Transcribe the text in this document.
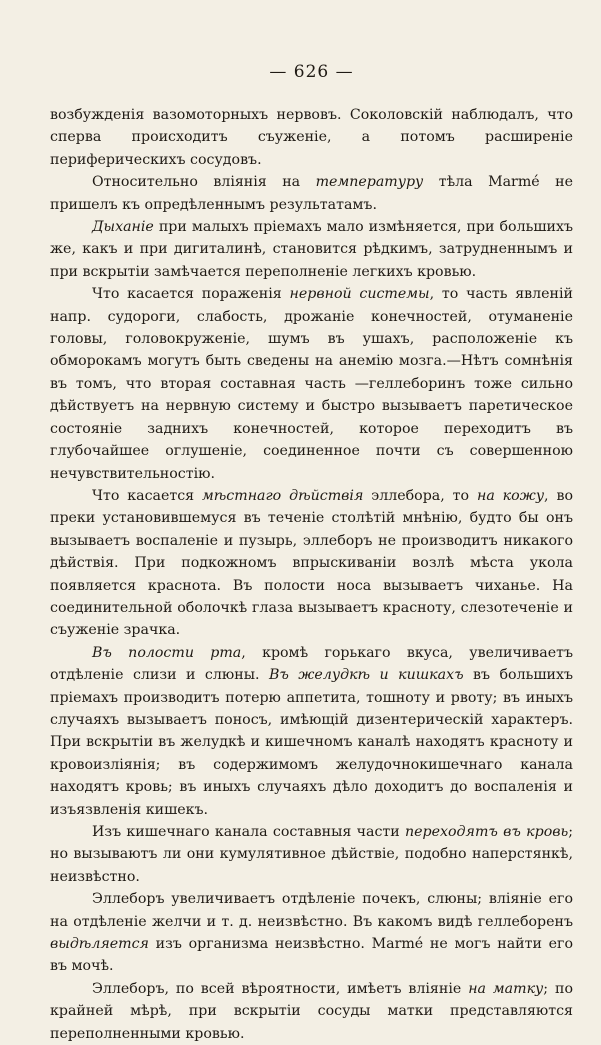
— 626 —

возбужденія вазомоторныхъ нервовъ. Соколовскій наблюдалъ, что сперва происходитъ съуженіе, а потомъ расширеніе периферическихъ сосудовъ.

Относительно вліянія на температуру тѣла Marmé не пришелъ къ опредѣленнымъ результатамъ.

Дыханіе при малыхъ пріемахъ мало измѣняется, при большихъ же, какъ и при дигиталинѣ, становится рѣдкимъ, затрудненнымъ и при вскрытіи замѣчается переполненіе легкихъ кровью.

Что касается пораженія нервной системы, то часть явленій напр. судороги, слабость, дрожаніе конечностей, отуманеніе головы, головокруженіе, шумъ въ ушахъ, расположеніе къ обморокамъ могутъ быть сведены на анемію мозга.—Нѣтъ сомнѣнія въ томъ, что вторая составная часть —геллеборинъ тоже сильно дѣйствуетъ на нервную систему и быстро вызываетъ паретическое состояніе заднихъ конечностей, которое переходитъ въ глубочайшее оглушеніе, соединенное почти съ совершенною нечувствительностію.

Что касается мѣстнаго дѣйствія эллебора, то на кожу, во преки установившемуся въ теченіе столѣтій мнѣнію, будто бы онъ вызываетъ воспаленіе и пузырь, эллеборъ не производитъ никакого дѣйствія. При подкожномъ впрыскиваніи возлѣ мѣста укола появляется краснота. Въ полости носа вызываетъ чиханье. На соединительной оболочкѣ глаза вызываетъ красноту, слезотеченіе и съуженіе зрачка.

Въ полости рта, кромѣ горькаго вкуса, увеличиваетъ отдѣленіе слизи и слюны. Въ желудкѣ и кишкахъ въ большихъ пріемахъ производитъ потерю аппетита, тошноту и рвоту; въ иныхъ случаяхъ вызываетъ поносъ, имѣющій дизентерическій характеръ. При вскрытіи въ желудкѣ и кишечномъ каналѣ находятъ красноту и кровоизліянія; въ содержимомъ желудочнокишечнаго канала находятъ кровь; въ иныхъ случаяхъ дѣло доходитъ до воспаленія и изъязвленія кишекъ.

Изъ кишечнаго канала составныя части переходятъ въ кровь; но вызываютъ ли они кумулятивное дѣйствіе, подобно наперстянкѣ, неизвѣстно.

Эллеборъ увеличиваетъ отдѣленіе почекъ, слюны; вліяніе его на отдѣленіе желчи и т. д. неизвѣстно. Въ какомъ видѣ геллеборенъ выдѣляется изъ организма неизвѣстно. Marmé не могъ найти его въ мочѣ.

Эллеборъ, по всей вѣроятности, имѣетъ вліяніе на матку; по крайней мѣрѣ, при вскрытіи сосуды матки представляются переполненными кровью.
